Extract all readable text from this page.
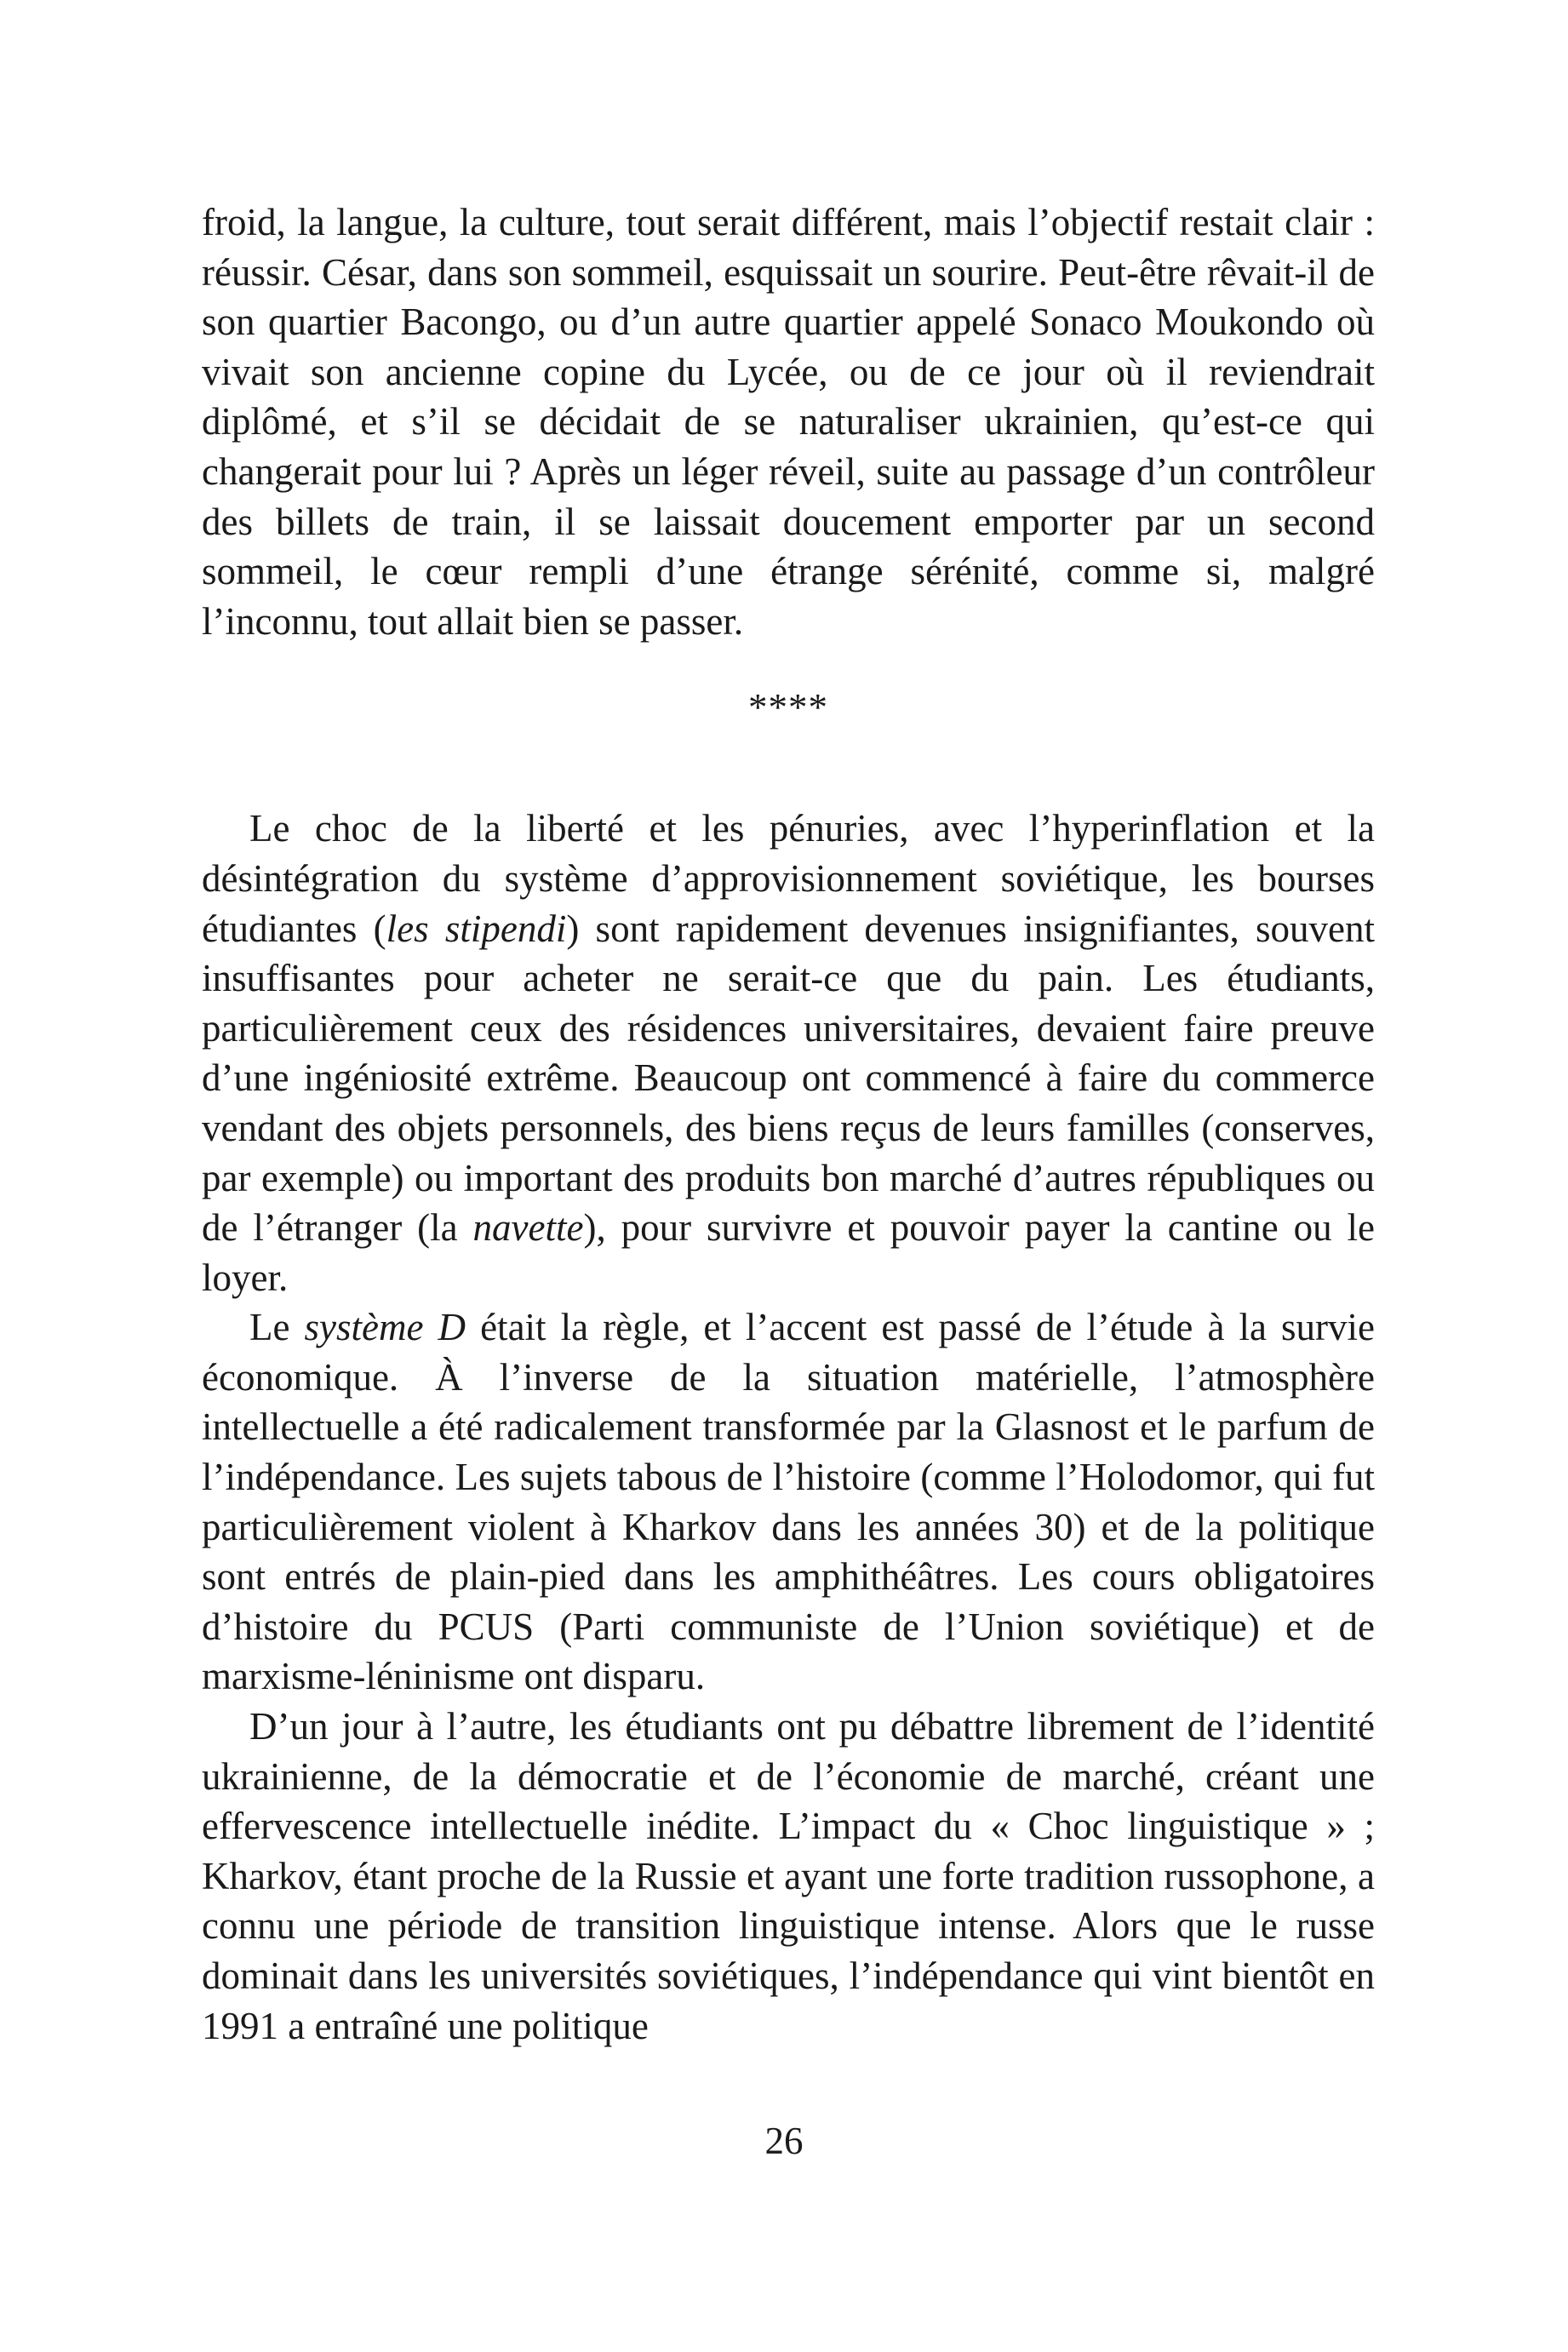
froid, la langue, la culture, tout serait différent, mais l’objectif restait clair : réussir. César, dans son sommeil, esquissait un sourire. Peut-être rêvait-il de son quartier Bacongo, ou d’un autre quartier appelé Sonaco Moukondo où vivait son ancienne copine du Lycée, ou de ce jour où il reviendrait diplômé, et s’il se décidait de se naturaliser ukrainien, qu’est-ce qui changerait pour lui ? Après un léger réveil, suite au passage d’un contrôleur des billets de train, il se laissait doucement emporter par un second sommeil, le cœur rempli d’une étrange sérénité, comme si, malgré l’inconnu, tout allait bien se passer.

****

Le choc de la liberté et les pénuries, avec l’hyperinflation et la désintégration du système d’approvisionnement soviétique, les bourses étudiantes (les stipendi) sont rapidement devenues insignifiantes, souvent insuffisantes pour acheter ne serait-ce que du pain. Les étudiants, particulièrement ceux des résidences universitaires, devaient faire preuve d’une ingéniosité extrême. Beaucoup ont commencé à faire du commerce vendant des objets personnels, des biens reçus de leurs familles (conserves, par exemple) ou important des produits bon marché d’autres républiques ou de l’étranger (la navette), pour survivre et pouvoir payer la cantine ou le loyer.

Le système D était la règle, et l’accent est passé de l’étude à la survie économique. À l’inverse de la situation matérielle, l’atmosphère intellectuelle a été radicalement transformée par la Glasnost et le parfum de l’indépendance. Les sujets tabous de l’histoire (comme l’Holodomor, qui fut particulièrement violent à Kharkov dans les années 30) et de la politique sont entrés de plain-pied dans les amphithéâtres. Les cours obligatoires d’histoire du PCUS (Parti communiste de l’Union soviétique) et de marxisme-léninisme ont disparu.

D’un jour à l’autre, les étudiants ont pu débattre librement de l’identité ukrainienne, de la démocratie et de l’économie de marché, créant une effervescence intellectuelle inédite. L’impact du « Choc linguistique » ; Kharkov, étant proche de la Russie et ayant une forte tradition russophone, a connu une période de transition linguistique intense. Alors que le russe dominait dans les universités soviétiques, l’indépendance qui vint bientôt en 1991 a entraîné une politique

26
